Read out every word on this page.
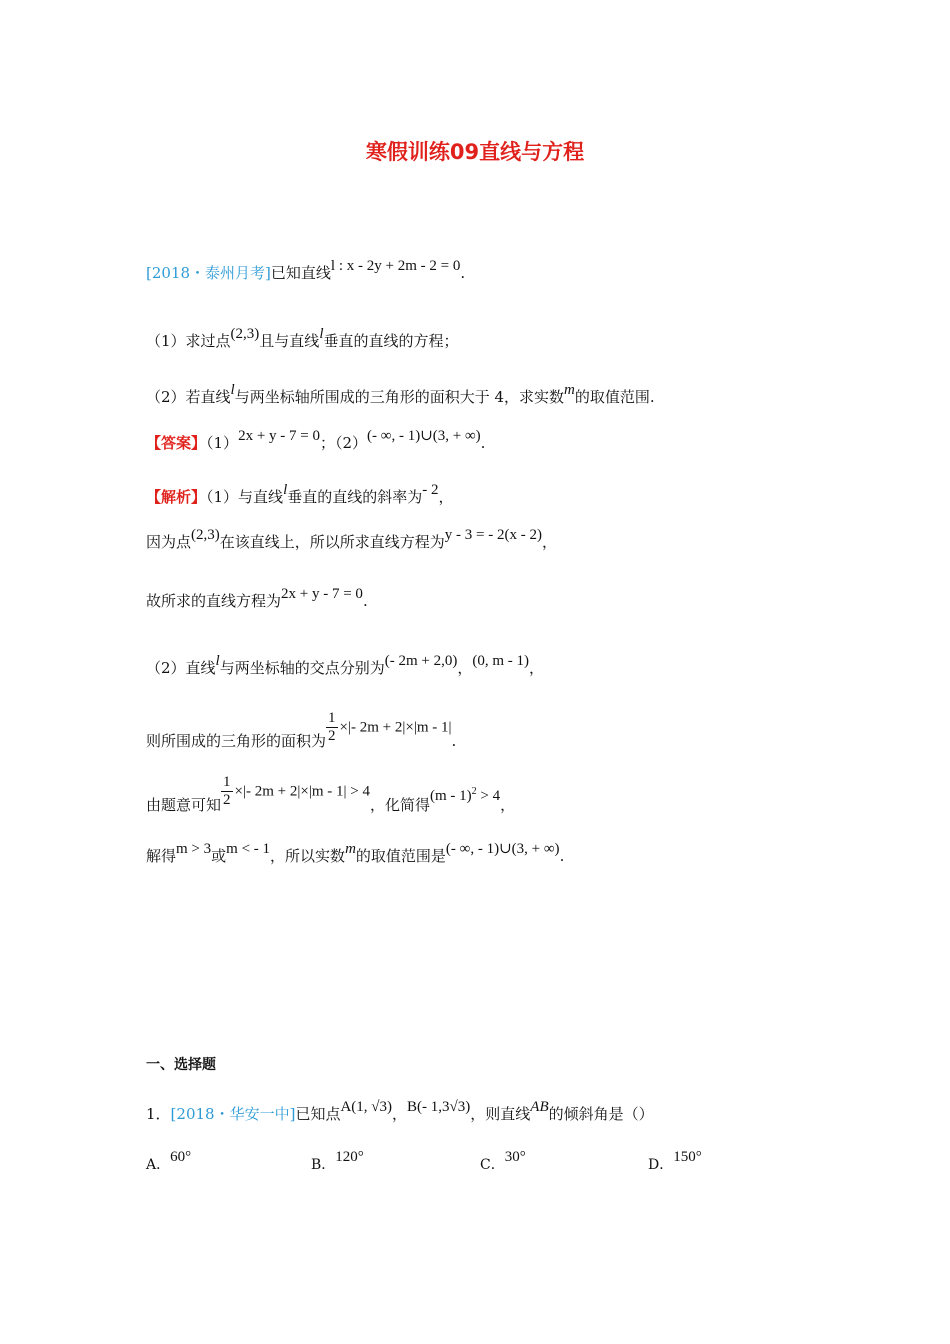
寒假训练09直线与方程
[2018・泰州月考]已知直线l : x - 2y + 2m - 2 = 0.
（1）求过点(2,3)且与直线l垂直的直线的方程；
（2）若直线l与两坐标轴所围成的三角形的面积大于 4，求实数m的取值范围.
【答案】（1）2x + y - 7 = 0；（2）(- ∞, - 1)∪(3, + ∞).
【解析】（1）与直线l垂直的直线的斜率为- 2，
因为点(2,3)在该直线上，所以所求直线方程为y - 3 = - 2(x - 2)，
故所求的直线方程为2x + y - 7 = 0.
（2）直线l与两坐标轴的交点分别为(- 2m + 2,0)，(0, m - 1)，
则所围成的三角形的面积为 $\frac{1}{2}$ ×|- 2m + 2|×|m - 1|.
由题意可知 $\frac{1}{2}$ ×|- 2m + 2|×|m - 1| > 4，化简得(m - 1)$^2$ > 4，
解得m > 3或m < - 1，所以实数m的取值范围是(- ∞, - 1)∪(3, + ∞).
一、选择题
1．[2018・华安一中]已知点A(1, √3)，B(- 1,3√3)，则直线AB的倾斜角是（）
A．60°	B．120°	C．30°	D．150°
